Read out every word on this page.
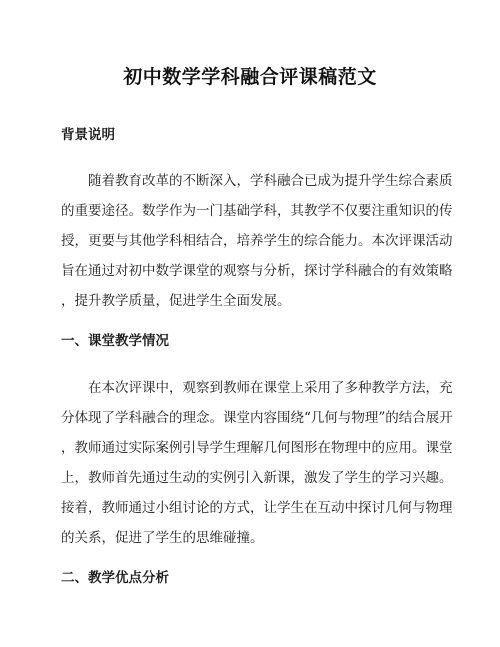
初中数学学科融合评课稿范文
背景说明
随着教育改革的不断深入，学科融合已成为提升学生综合素质
的重要途径。数学作为一门基础学科，其教学不仅要注重知识的传
授，更要与其他学科相结合，培养学生的综合能力。本次评课活动
旨在通过对初中数学课堂的观察与分析，探讨学科融合的有效策略
，提升教学质量，促进学生全面发展。
一、课堂教学情况
在本次评课中，观察到教师在课堂上采用了多种教学方法，充
分体现了学科融合的理念。课堂内容围绕“几何与物理”的结合展开
，教师通过实际案例引导学生理解几何图形在物理中的应用。课堂
上，教师首先通过生动的实例引入新课，激发了学生的学习兴趣。
接着，教师通过小组讨论的方式，让学生在互动中探讨几何与物理
的关系，促进了学生的思维碰撞。
二、教学优点分析
